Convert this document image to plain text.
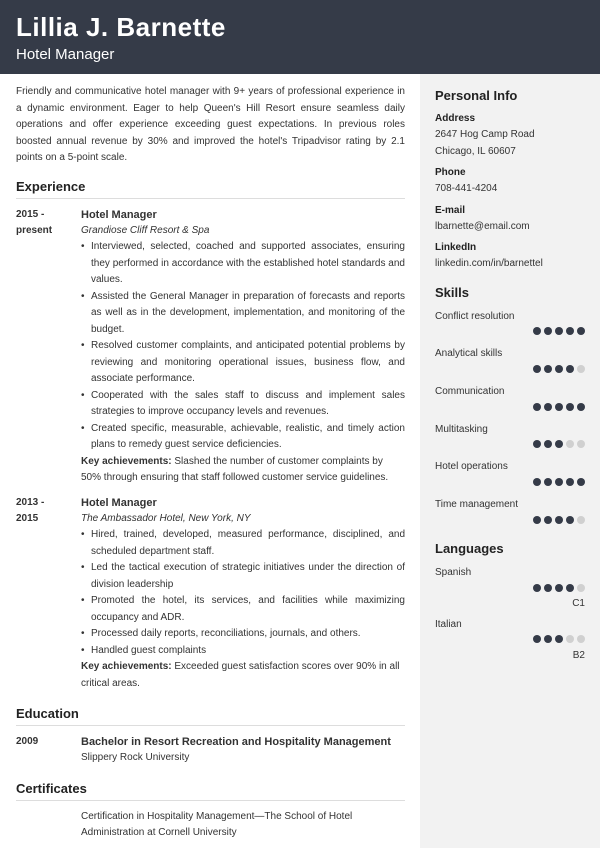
Lillia J. Barnette
Hotel Manager

Friendly and communicative hotel manager with 9+ years of professional experience in a dynamic environment. Eager to help Queen's Hill Resort ensure seamless daily operations and offer experience exceeding guest expectations. In previous roles boosted annual revenue by 30% and improved the hotel's Tripadvisor rating by 2.1 points on a 5-point scale.

Experience
2015 -
present
Hotel Manager
Grandiose Cliff Resort & Spa
• Interviewed, selected, coached and supported associates, ensuring they performed in accordance with the established hotel standards and values.
• Assisted the General Manager in preparation of forecasts and reports as well as in the development, implementation, and monitoring of the budget.
• Resolved customer complaints, and anticipated potential problems by reviewing and monitoring operational issues, business flow, and associate performance.
• Cooperated with the sales staff to discuss and implement sales strategies to improve occupancy levels and revenues.
• Created specific, measurable, achievable, realistic, and timely action plans to remedy guest service deficiencies.
Key achievements: Slashed the number of customer complaints by 50% through ensuring that staff followed customer service guidelines.
2013 -
2015
Hotel Manager
The Ambassador Hotel, New York, NY
• Hired, trained, developed, measured performance, disciplined, and scheduled department staff.
• Led the tactical execution of strategic initiatives under the direction of division leadership
• Promoted the hotel, its services, and facilities while maximizing occupancy and ADR.
• Processed daily reports, reconciliations, journals, and others.
• Handled guest complaints
Key achievements: Exceeded guest satisfaction scores over 90% in all critical areas.
Education
2009	Bachelor in Resort Recreation and Hospitality Management
Slippery Rock University
Certificates
Certification in Hospitality Management—The School of Hotel Administration at Cornell University
Personal Info
Address
2647 Hog Camp Road
Chicago, IL 60607
Phone
708-441-4204
E-mail
lbarnette@email.com
LinkedIn
linkedin.com/in/barnettel
Skills
Conflict resolution
Analytical skills
Communication
Multitasking
Hotel operations
Time management
Languages
Spanish
C1
Italian
B2
